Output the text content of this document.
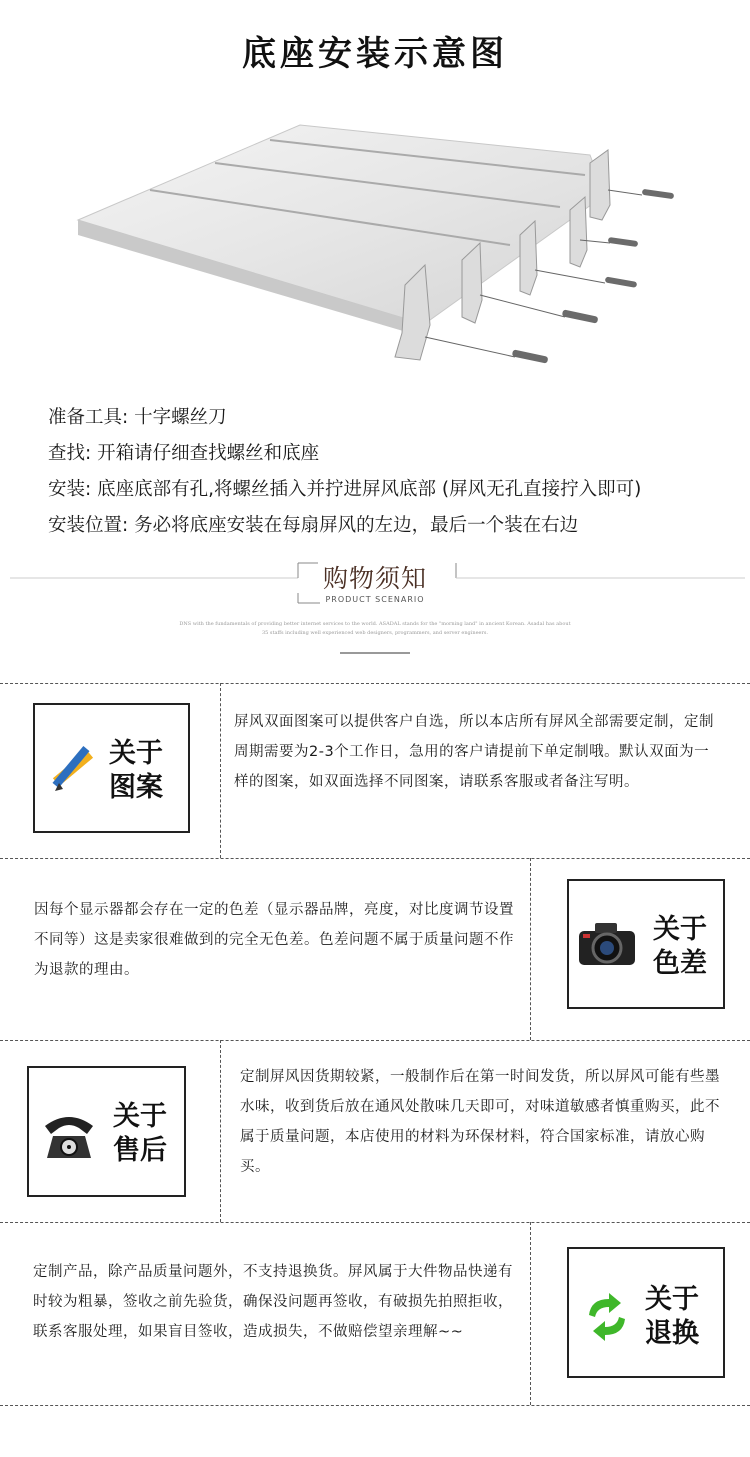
底座安装示意图
准备工具: 十字螺丝刀
查找: 开箱请仔细查找螺丝和底座
安装: 底座底部有孔,将螺丝插入并拧进屏风底部 (屏风无孔直接拧入即可)
安装位置: 务必将底座安装在每扇屏风的左边，最后一个装在右边
购物须知
PRODUCT SCENARIO
DNS with the fundamentals of providing better internet services to the world. ASADAL stands for the "morning land" in ancient Korean. Asadal has about
35 staffs including well experienced web designers, programmers, and server engineers.
关于
图案
屏风双面图案可以提供客户自选，所以本店所有屏风全部需要定制，定制周期需要为2-3个工作日，急用的客户请提前下单定制哦。默认双面为一样的图案，如双面选择不同图案，请联系客服或者备注写明。
因每个显示器都会存在一定的色差（显示器品牌，亮度，对比度调节设置不同等）这是卖家很难做到的完全无色差。色差问题不属于质量问题不作为退款的理由。
关于
色差
关于
售后
定制屏风因货期较紧，一般制作后在第一时间发货，所以屏风可能有些墨水味，收到货后放在通风处散味几天即可，对味道敏感者慎重购买，此不属于质量问题，本店使用的材料为环保材料，符合国家标准，请放心购买。
定制产品，除产品质量问题外，不支持退换货。屏风属于大件物品快递有时较为粗暴，签收之前先验货，确保没问题再签收，有破损先拍照拒收，联系客服处理，如果盲目签收，造成损失，不做赔偿望亲理解~~
关于
退换
